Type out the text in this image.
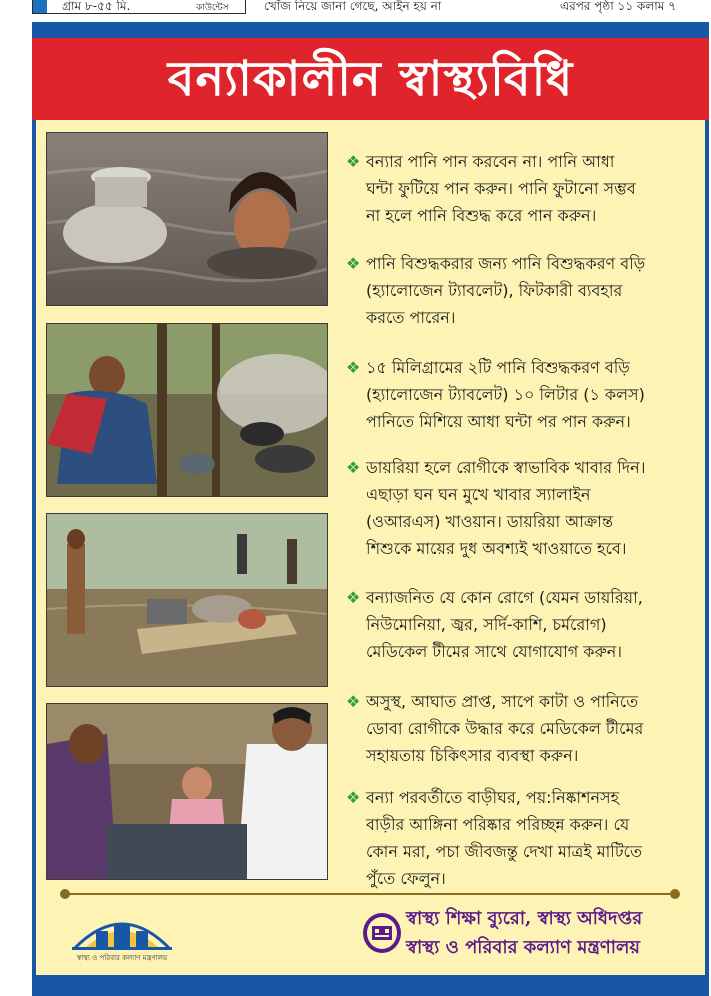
গ্রাম ৮-৫৫ মি.	কাউন্টেস	খোঁজ নিয়ে জানা গেছে, আইন হয় না	এরপর পৃষ্ঠা ১১ কলাম ৭
বন্যাকালীন স্বাস্থ্যবিধি
❖ বন্যার পানি পান করবেন না। পানি আধা
ঘন্টা ফুটিয়ে পান করুন। পানি ফুটানো সম্ভব
না হলে পানি বিশুদ্ধ করে পান করুন।
❖ পানি বিশুদ্ধকরার জন্য পানি বিশুদ্ধকরণ বড়ি
(হ্যালোজেন ট্যাবলেট), ফিটকারী ব্যবহার
করতে পারেন।
❖ ১৫ মিলিগ্রামের ২টি পানি বিশুদ্ধকরণ বড়ি
(হ্যালোজেন ট্যাবলেট) ১০ লিটার (১ কলস)
পানিতে মিশিয়ে আধা ঘন্টা পর পান করুন।
❖ ডায়রিয়া হলে রোগীকে স্বাভাবিক খাবার দিন।
এছাড়া ঘন ঘন মুখে খাবার স্যালাইন
(ওআরএস) খাওয়ান। ডায়রিয়া আক্রান্ত
শিশুকে মায়ের দুধ অবশ্যই খাওয়াতে হবে।
❖ বন্যাজনিত যে কোন রোগে (যেমন ডায়রিয়া,
নিউমোনিয়া, জ্বর, সর্দি-কাশি, চর্মরোগ)
মেডিকেল টীমের সাথে যোগাযোগ করুন।
❖ অসুস্থ, আঘাত প্রাপ্ত, সাপে কাটা ও পানিতে
ডোবা রোগীকে উদ্ধার করে মেডিকেল টীমের
সহায়তায় চিকিৎসার ব্যবস্থা করুন।
❖ বন্যা পরবর্তীতে বাড়ীঘর, পয়:নিষ্কাশনসহ
বাড়ীর আঙ্গিনা পরিষ্কার পরিচ্ছন্ন করুন। যে
কোন মরা, পচা জীবজন্তু দেখা মাত্রই মাটিতে
পুঁতে ফেলুন।
স্বাস্থ্য ও পরিবার কল্যাণ মন্ত্রণালয়
স্বাস্থ্য শিক্ষা ব্যুরো, স্বাস্থ্য অধিদপ্তর
স্বাস্থ্য ও পরিবার কল্যাণ মন্ত্রণালয়
